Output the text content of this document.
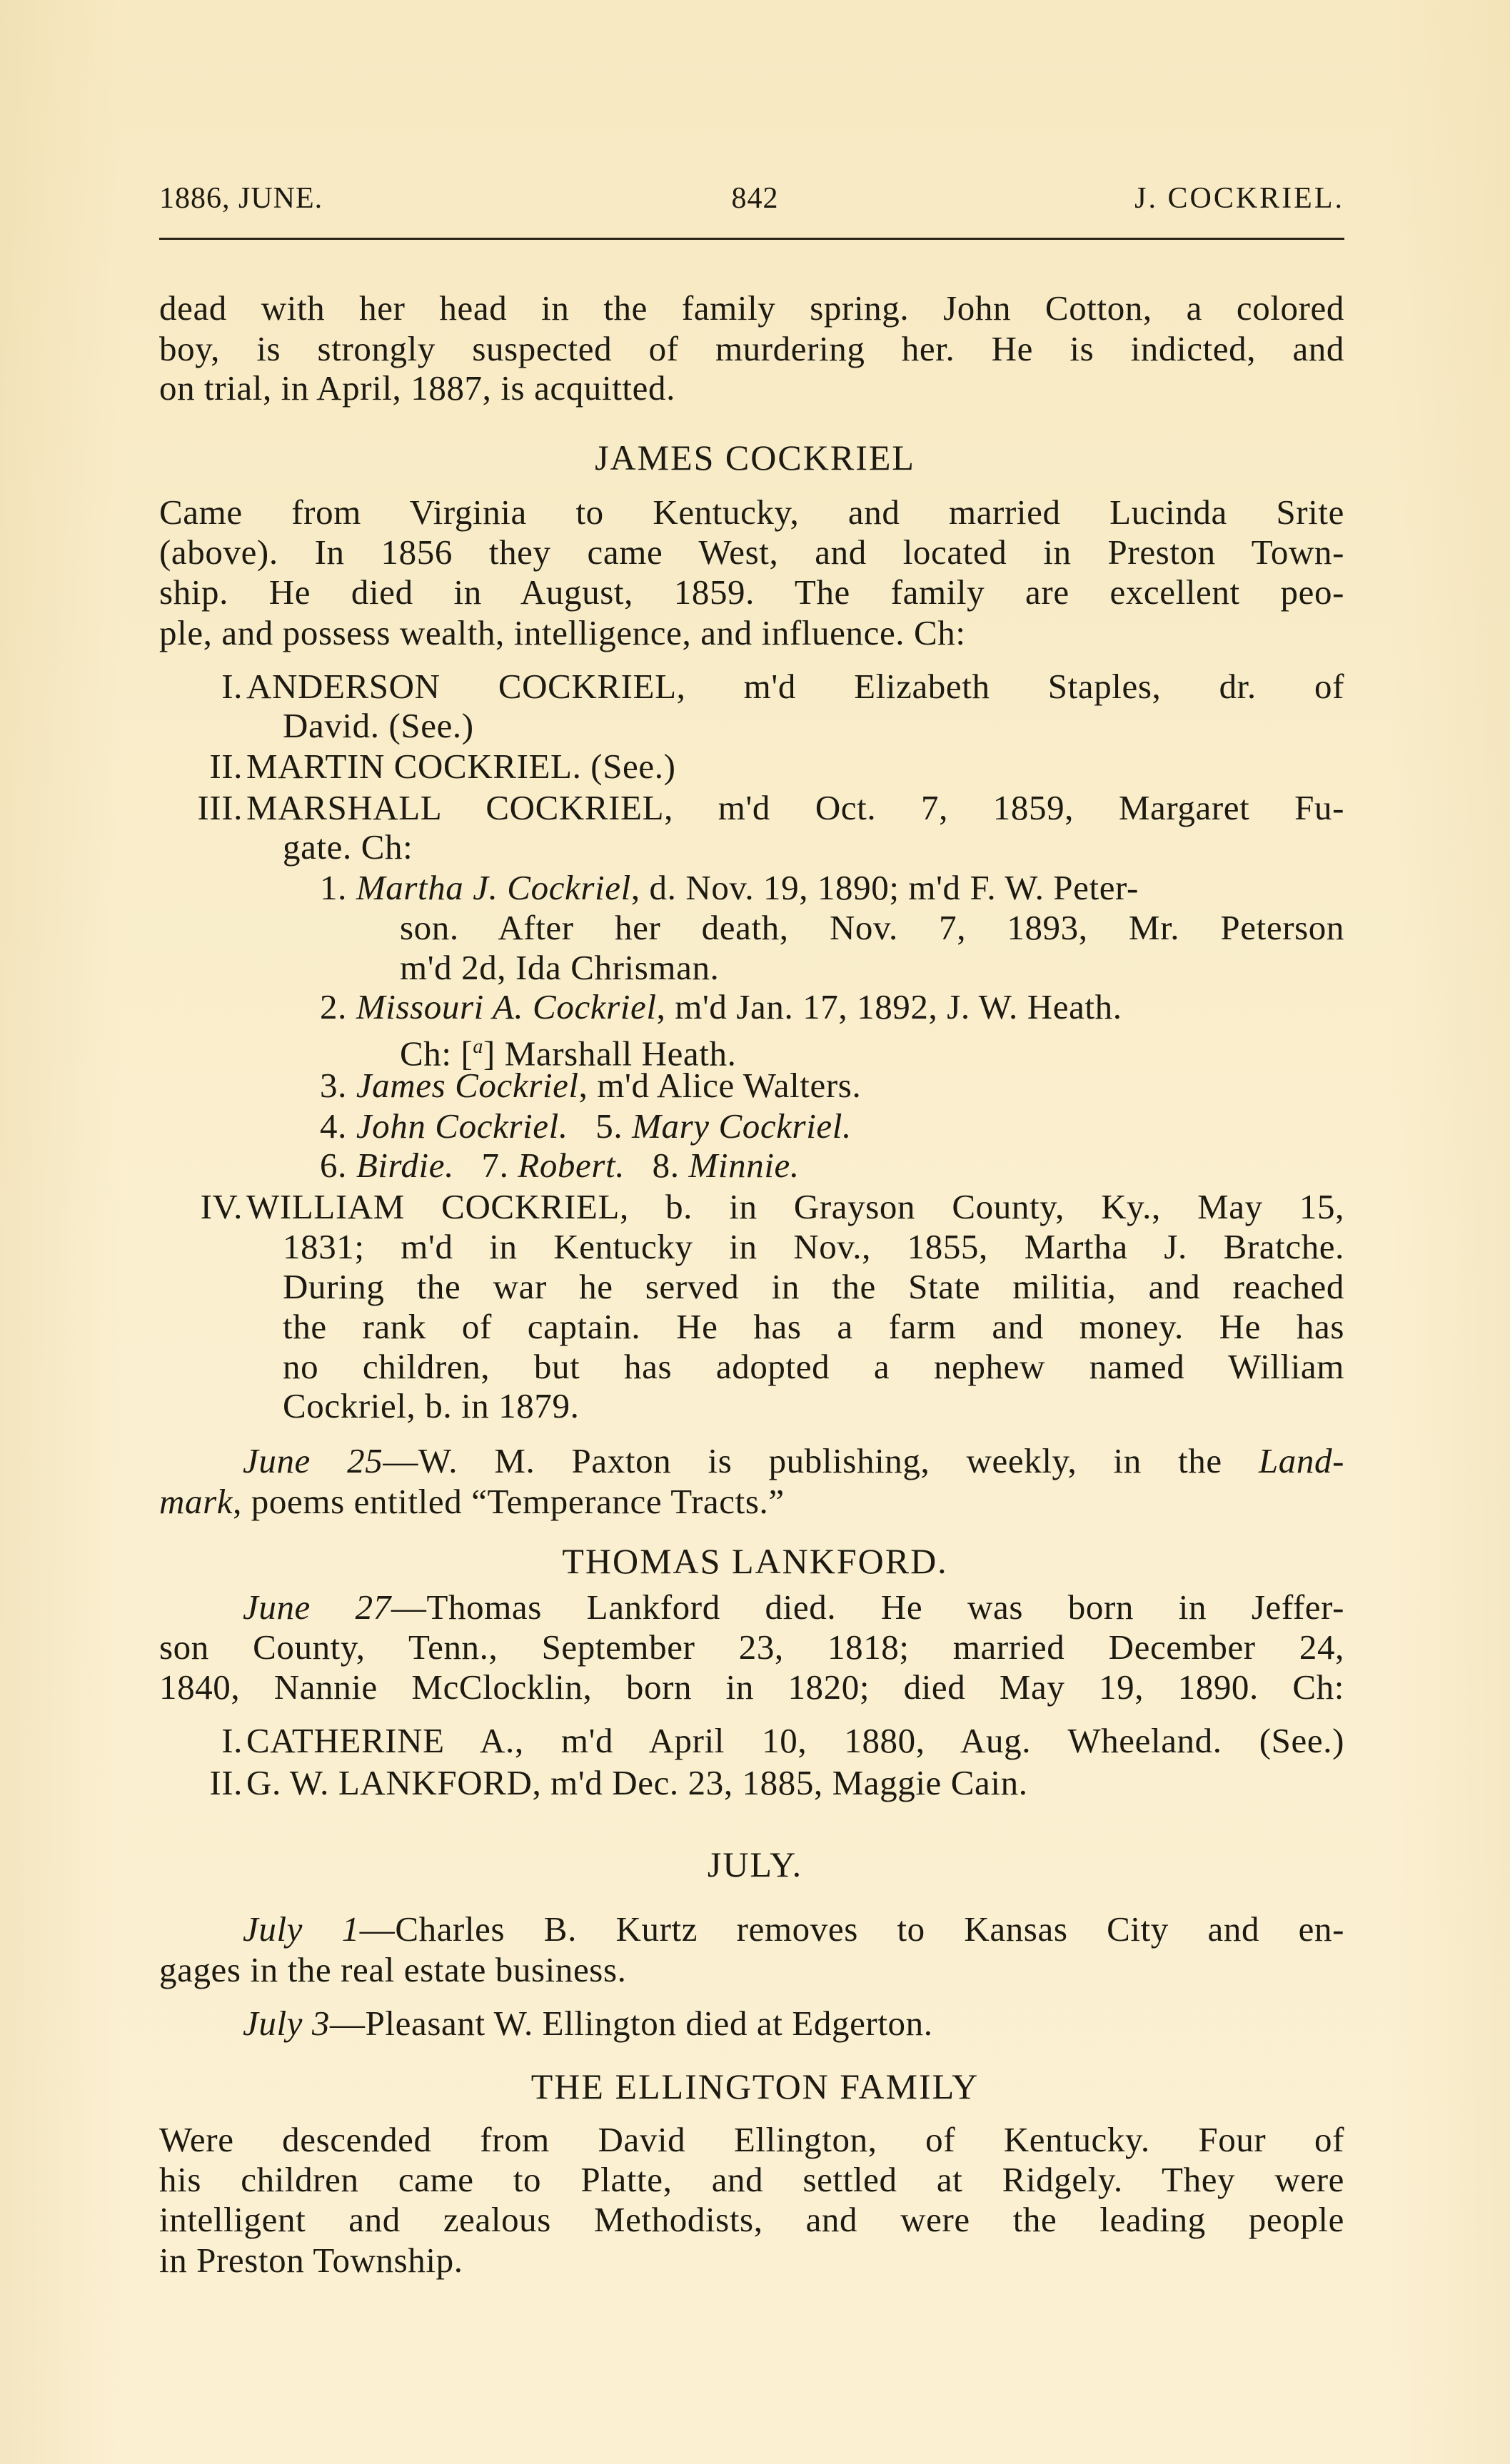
1886, JUNE.	842	J. COCKRIEL.
dead with her head in the family spring. John Cotton, a colored
boy, is strongly suspected of murdering her. He is indicted, and
on trial, in April, 1887, is acquitted.
JAMES COCKRIEL
Came from Virginia to Kentucky, and married Lucinda Srite
(above). In 1856 they came West, and located in Preston Town-
ship. He died in August, 1859. The family are excellent peo-
ple, and possess wealth, intelligence, and influence. Ch:
I. ANDERSON COCKRIEL, m'd Elizabeth Staples, dr. of
David. (See.)
II. MARTIN COCKRIEL. (See.)
III. MARSHALL COCKRIEL, m'd Oct. 7, 1859, Margaret Fu-
gate. Ch:
1. Martha J. Cockriel, d. Nov. 19, 1890; m'd F. W. Peter-
son. After her death, Nov. 7, 1893, Mr. Peterson
m'd 2d, Ida Chrisman.
2. Missouri A. Cockriel, m'd Jan. 17, 1892, J. W. Heath.
Ch: [$^a$] Marshall Heath.
3. James Cockriel, m'd Alice Walters.
4. John Cockriel. 5. Mary Cockriel.
6. Birdie. 7. Robert. 8. Minnie.
IV. WILLIAM COCKRIEL, b. in Grayson County, Ky., May 15,
1831; m'd in Kentucky in Nov., 1855, Martha J. Bratche.
During the war he served in the State militia, and reached
the rank of captain. He has a farm and money. He has
no children, but has adopted a nephew named William
Cockriel, b. in 1879.
June 25—W. M. Paxton is publishing, weekly, in the Land-
mark, poems entitled “Temperance Tracts.”
THOMAS LANKFORD.
June 27—Thomas Lankford died. He was born in Jeffer-
son County, Tenn., September 23, 1818; married December 24,
1840, Nannie McClocklin, born in 1820; died May 19, 1890. Ch:
I. CATHERINE A., m'd April 10, 1880, Aug. Wheeland. (See.)
II. G. W. LANKFORD, m'd Dec. 23, 1885, Maggie Cain.
JULY.
July 1—Charles B. Kurtz removes to Kansas City and en-
gages in the real estate business.
July 3—Pleasant W. Ellington died at Edgerton.
THE ELLINGTON FAMILY
Were descended from David Ellington, of Kentucky. Four of
his children came to Platte, and settled at Ridgely. They were
intelligent and zealous Methodists, and were the leading people
in Preston Township.
